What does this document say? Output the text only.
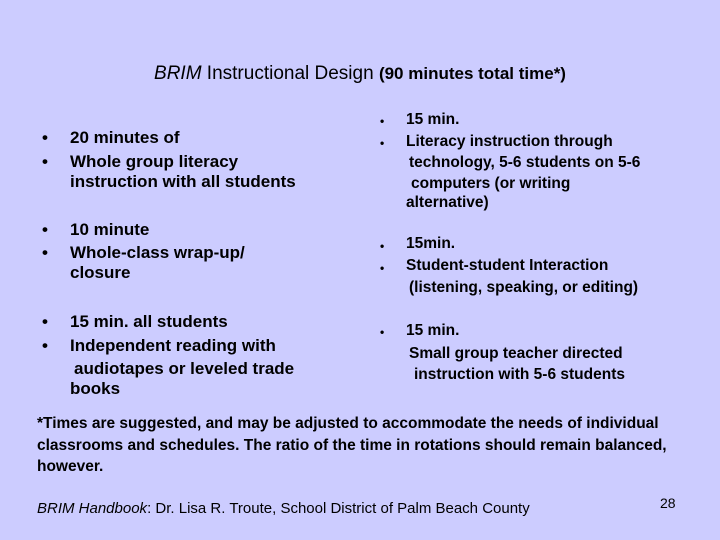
BRIM Instructional Design (90 minutes total time*)
• 20 minutes of
• Whole group literacy
instruction with all students
• 10 minute
• Whole-class wrap-up/
closure
• 15 min. all students
• Independent reading with
audiotapes or leveled trade
books
• 15 min.
• Literacy instruction through
technology, 5-6 students on 5-6
computers (or writing
alternative)
• 15min.
• Student-student Interaction
(listening, speaking, or editing)
• 15 min.
Small group teacher directed
instruction with 5-6 students
*Times are suggested, and may be adjusted to accommodate the needs of individual classrooms and schedules. The ratio of the time in rotations should remain balanced, however.
BRIM Handbook: Dr. Lisa R. Troute, School District of Palm Beach County	28
